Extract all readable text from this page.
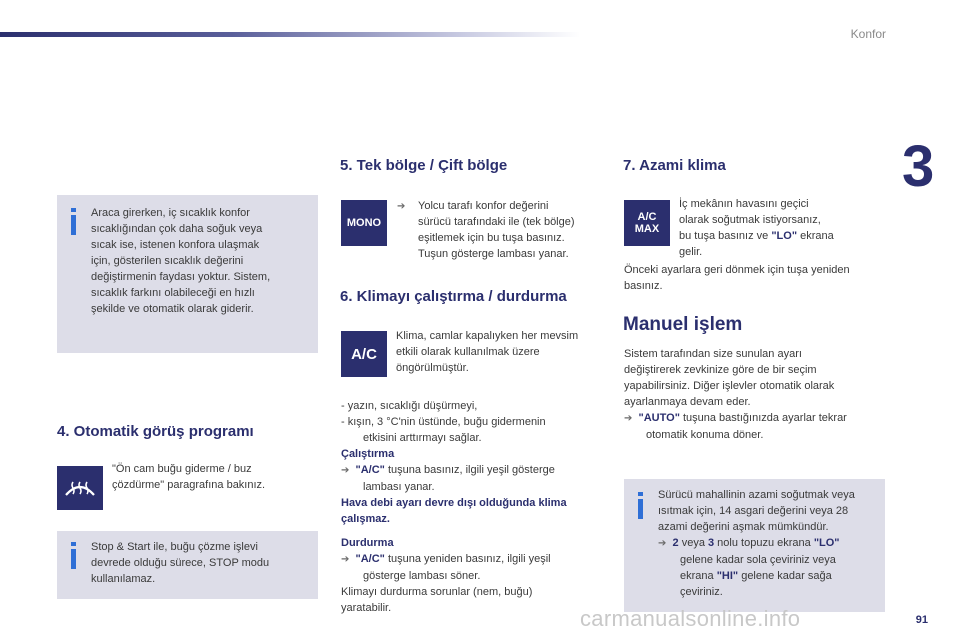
Konfor
3
Araca girerken, iç sıcaklık konfor
sıcaklığından çok daha soğuk veya
sıcak ise, istenen konfora ulaşmak
için, gösterilen sıcaklık değerini
değiştirmenin faydası yoktur. Sistem,
sıcaklık farkını olabileceği en hızlı
şekilde ve otomatik olarak giderir.
4. Otomatik görüş programı
"Ön cam buğu giderme / buz
çözdürme" paragrafına bakınız.
Stop & Start ile, buğu çözme işlevi
devrede olduğu sürece, STOP modu
kullanılamaz.
5. Tek bölge / Çift bölge
MONO
➔ Yolcu tarafı konfor değerini
sürücü tarafındaki ile (tek bölge)
eşitlemek için bu tuşa basınız.
Tuşun gösterge lambası yanar.
6. Klimayı çalıştırma / durdurma
A/C
Klima, camlar kapalıyken her mevsim
etkili olarak kullanılmak üzere
öngörülmüştür.
- yazın, sıcaklığı düşürmeyi,
- kışın, 3 °C'nin üstünde, buğu gidermenin
etkisini arttırmayı sağlar.
Çalıştırma
➔ "A/C" tuşuna basınız, ilgili yeşil gösterge
lambası yanar.
Hava debi ayarı devre dışı olduğunda klima
çalışmaz.
Durdurma
➔ "A/C" tuşuna yeniden basınız, ilgili yeşil
gösterge lambası söner.
Klimayı durdurma sorunlar (nem, buğu)
yaratabilir.
7. Azami klima
A/C
MAX
İç mekânın havasını geçici
olarak soğutmak istiyorsanız,
bu tuşa basınız ve "LO" ekrana
gelir.
Önceki ayarlara geri dönmek için tuşa yeniden
basınız.
Manuel işlem
Sistem tarafından size sunulan ayarı
değiştirerek zevkinize göre de bir seçim
yapabilirsiniz. Diğer işlevler otomatik olarak
ayarlanmaya devam eder.
➔ "AUTO" tuşuna bastığınızda ayarlar tekrar
otomatik konuma döner.
Sürücü mahallinin azami soğutmak veya
ısıtmak için, 14 asgari değerini veya 28
azami değerini aşmak mümkündür.
➔ 2 veya 3 nolu topuzu ekrana "LO"
gelene kadar sola çeviriniz veya
ekrana "HI" gelene kadar sağa
çeviriniz.
carmanualsonline.info	91
